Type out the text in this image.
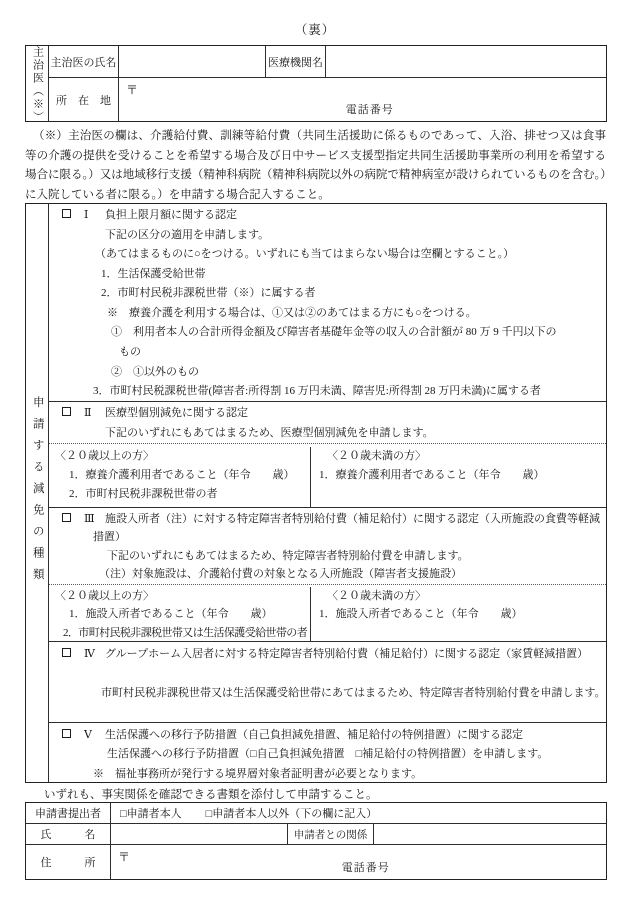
（裏）
主治医（※） 主治医の氏名	医療機関名
所　在　地
〒
電話番号
（※）主治医の欄は、介護給付費、訓練等給付費（共同生活援助に係るものであって、入浴、排せつ又は食事等の介護の提供を受けることを希望する場合及び日中サービス支援型指定共同生活援助事業所の利用を希望する場合に限る。）又は地域移行支援（精神科病院（精神科病院以外の病院で精神病室が設けられているものを含む。）に入院している者に限る。）を申請する場合記入すること。
申請する減免の種類
Ⅰ 負担上限月額に関する認定
下記の区分の適用を申請します。
（あてはまるものに○をつける。いずれにも当てはまらない場合は空欄とすること。）
1．生活保護受給世帯
2．市町村民税非課税世帯（※）に属する者
※　療養介護を利用する場合は、①又は②のあてはまる方にも○をつける。
①　利用者本人の合計所得金額及び障害者基礎年金等の収入の合計額が 80 万 9 千円以下の
もの
②　①以外のもの
3．市町村民税課税世帯(障害者:所得割 16 万円未満、障害児:所得割 28 万円未満)に属する者
Ⅱ 医療型個別減免に関する認定
下記のいずれにもあてはまるため、医療型個別減免を申請します。
〈２０歳以上の方〉
1．療養介護利用者であること（年令　　歳）
2．市町村民税非課税世帯の者
〈２０歳未満の方〉
1．療養介護利用者であること（年令　　歳）
Ⅲ 施設入所者（注）に対する特定障害者特別給付費（補足給付）に関する認定（入所施設の食費等軽減措置）
下記のいずれにもあてはまるため、特定障害者特別給付費を申請します。
（注）対象施設は、介護給付費の対象となる入所施設（障害者支援施設）
〈２０歳以上の方〉
1．施設入所者であること（年令　　歳）
2．市町村民税非課税世帯又は生活保護受給世帯の者
〈２０歳未満の方〉
1．施設入所者であること（年令　　歳）
Ⅳ グループホーム入居者に対する特定障害者特別給付費（補足給付）に関する認定（家賃軽減措置）
市町村民税非課税世帯又は生活保護受給世帯にあてはまるため、特定障害者特別給付費を申請します。
Ⅴ 生活保護への移行予防措置（自己負担減免措置、補足給付の特例措置）に関する認定
生活保護への移行予防措置（□自己負担減免措置 □補足給付の特例措置）を申請します。
※　福祉事務所が発行する境界層対象者証明書が必要となります。
いずれも、事実関係を確認できる書類を添付して申請すること。
申請書提出者	□申請者本人 □申請者本人以外（下の欄に記入）
氏　　　名	申請者との関係
住　　　所	〒
電話番号
